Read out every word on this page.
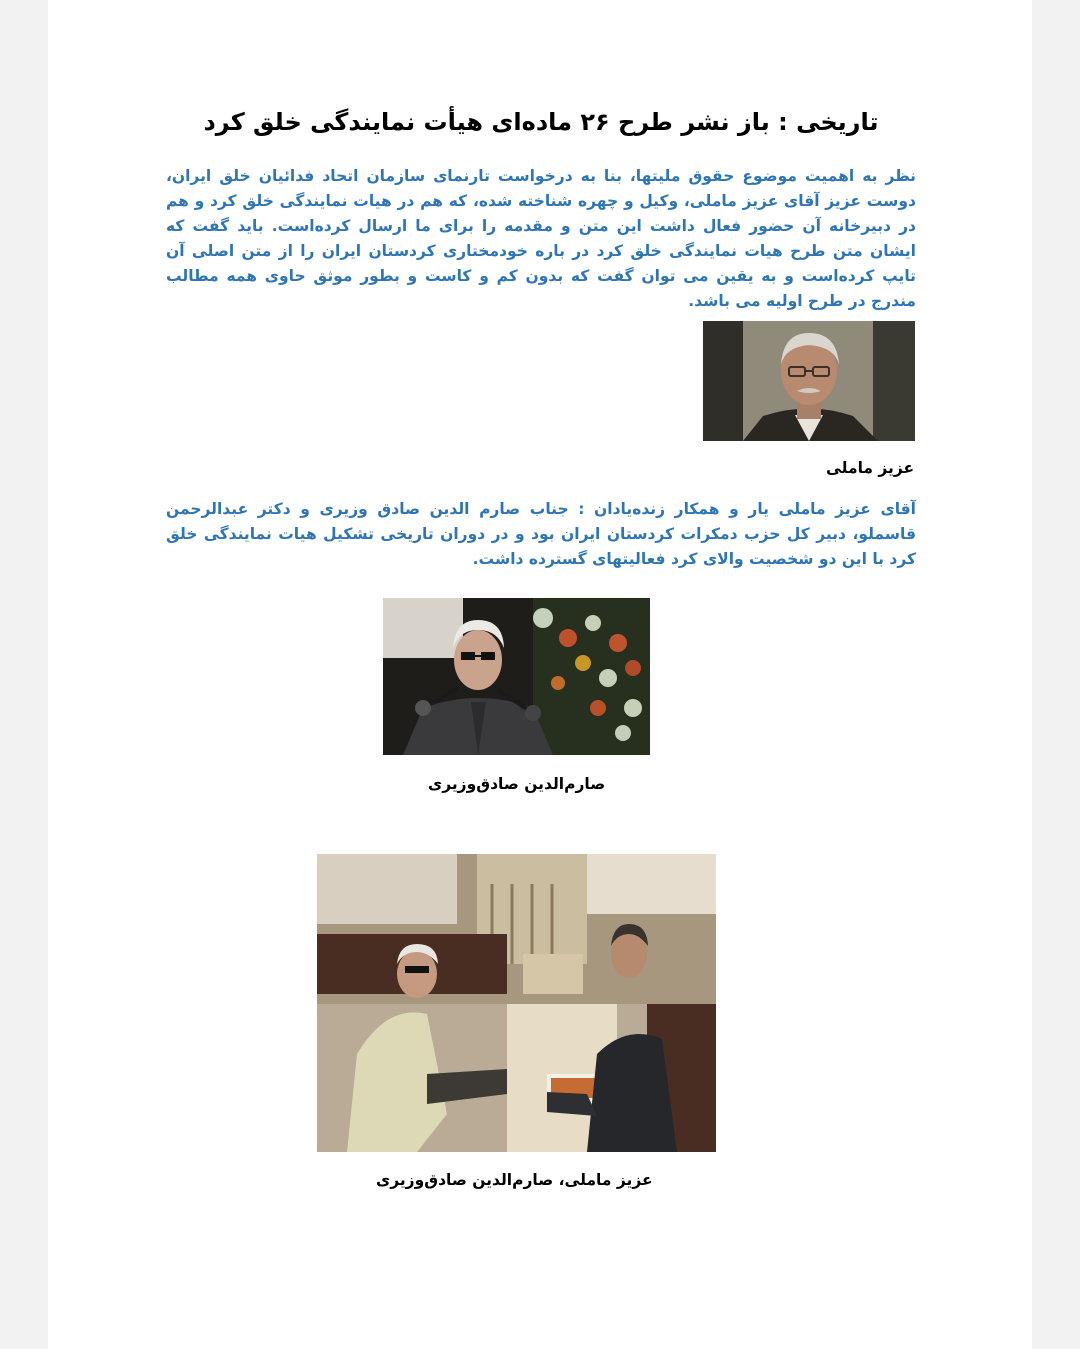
تاریخی : باز نشر طرح ۲۶ ماده‌ای هیأت نمایندگی خلق کرد

نظر به اهمیت موضوع حقوق ملیتها، بنا به درخواست تارنمای سازمان اتحاد فدائیان خلق ایران، دوست عزیز آقای عزیز ماملی، وکیل و چهره شناخته شده، که هم در هیات نمایندگی خلق کرد و هم در دبیرخانه آن حضور فعال داشت این متن و مقدمه را برای ما ارسال کرده‌است. باید گفت که ایشان متن طرح هیات نمایندگی خلق کرد در باره خودمختاری کردستان ایران را از متن اصلی آن تایپ کرده‌است و به یقین می توان گفت که بدون کم و کاست و بطور موثق حاوی همه مطالب مندرج در طرح اولیه می باشد.

آقای عزیز ماملی یار و همکار زنده‌یادان : جناب صارم الدین صادق وزیری و دکتر عبدالرحمن قاسملو، دبیر کل حزب دمکرات کردستان ایران بود و در دوران تاریخی تشکیل هیات نمایندگی خلق کرد با این دو شخصیت والای کرد فعالیتهای گسترده داشت.

عزیز ماملی
صارم‌الدین صادق‌وزیری
عزیز ماملی، صارم‌الدین صادق‌وزیری
